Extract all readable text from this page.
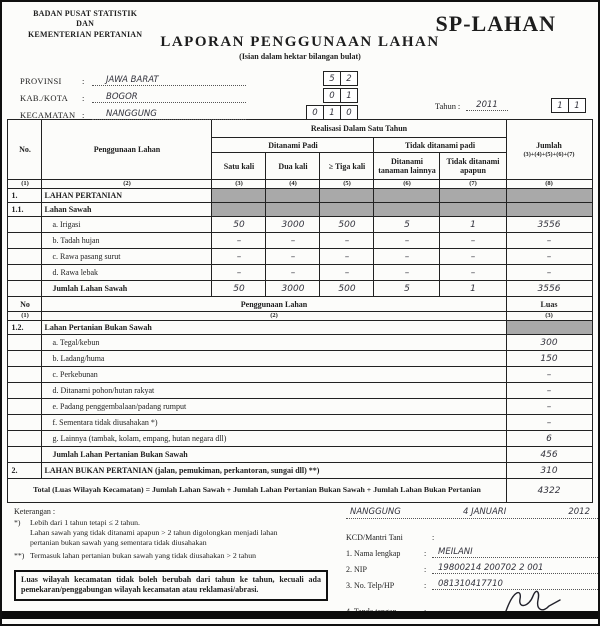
BADAN PUSAT STATISTIK
DAN
KEMENTERIAN PERTANIAN	SP-LAHAN
LAPORAN PENGGUNAAN LAHAN
(Isian dalam hektar bilangan bulat)
PROVINSI	:	JAWA BARAT	5	2
KAB./KOTA	:	BOGOR	0	1
KECAMATAN :	NANGGUNG	0	1	0
Tahun :	2011	1	1
No.	Penggunaan Lahan	Realisasi Dalam Satu Tahun					Jumlah
(3)+(4)+(5)+(6)+(7)

		Ditanami Padi			Tidak ditanami padi		
		Satu kali	Dua kali	≥ Tiga kali	Ditanami tanaman lainnya	Tidak ditanami apapun	
(1)	(2)	(3)	(4)	(5)	(6)	(7)	(8)
1.	LAHAN PERTANIAN						
1.1.	Lahan Sawah						
	a. Irigasi	50	3000	500	5	1	3556
	b. Tadah hujan	–	–	–	–	–	–
	c. Rawa pasang surut	–	–	–	–	–	–
	d. Rawa lebak	–	–	–	–	–	–
	Jumlah Lahan Sawah	50	3000	500	5	1	3556
No	Penggunaan Lahan						Luas
(1)	(2)						(3)
1.2.	Lahan Pertanian Bukan Sawah						
	a. Tegal/kebun						300
	b. Ladang/huma						150
	c. Perkebunan						–
	d. Ditanami pohon/hutan rakyat						–
	e. Padang penggembalaan/padang rumput						–
	f. Sementara tidak diusahakan *)						–
	g. Lainnya (tambak, kolam, empang, hutan negara dll)						6
	Jumlah Lahan Pertanian Bukan Sawah						456
2.	LAHAN BUKAN PERTANIAN (jalan, pemukiman, perkantoran, sungai dll) **)						310
Total (Luas Wilayah Kecamatan) = Jumlah Lahan Sawah + Jumlah Lahan Pertanian Bukan Sawah + Jumlah Lahan Bukan Pertanian							4322
Keterangan :
*)	Lebih dari 1 tahun tetapi ≤ 2 tahun.
Lahan sawah yang tidak ditanami apapun > 2 tahun digolongkan menjadi lahan pertanian bukan sawah yang sementara tidak diusahakan
**) Termasuk lahan pertanian bukan sawah yang tidak diusahakan > 2 tahun
Luas wilayah kecamatan tidak boleh berubah dari tahun ke tahun, kecuali ada pemekaran/penggabungan wilayah kecamatan atau reklamasi/abrasi.
NANGGUNG	4 JANUARI	2012
KCD/Mantri Tani	:
1. Nama lengkap	:	MEILANI
2. NIP	:	19800214 200702 2 001
3. No. Telp/HP	:	081310417710
